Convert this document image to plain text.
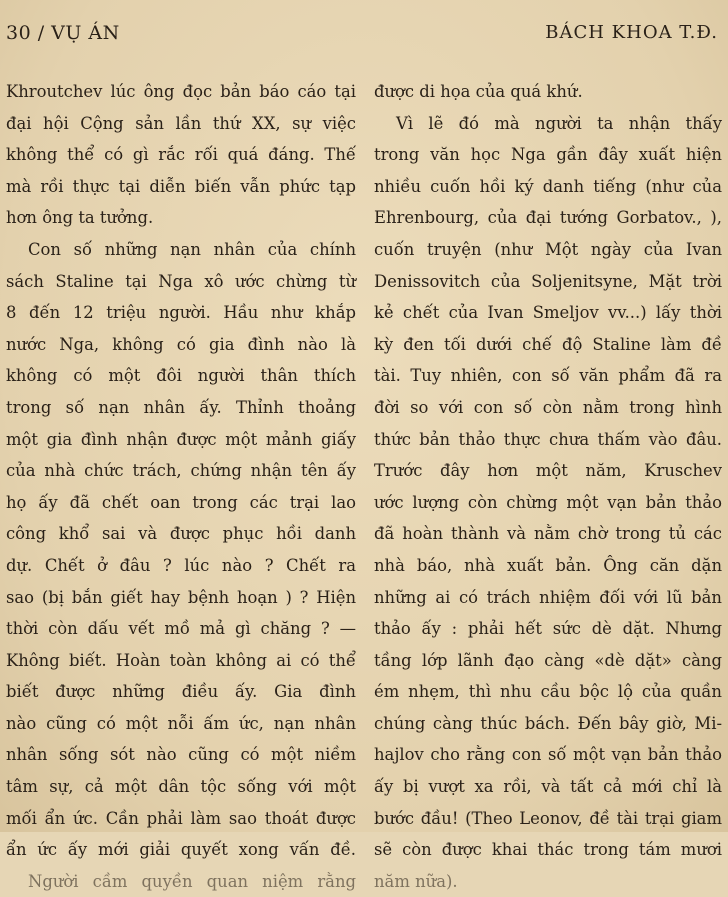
30 / VỤ ÁN	BÁCH KHOA T.Đ.
Khroutchev lúc ông đọc bản báo cáo tại
đại hội Cộng sản lần thứ XX, sự việc
không thể có gì rắc rối quá đáng. Thế
mà rồi thực tại diễn biến vẫn phức tạp
hơn ông ta tưởng.
Con số những nạn nhân của chính
sách Staline tại Nga xô ước chừng từ
8 đến 12 triệu người. Hầu như khắp
nước Nga, không có gia đình nào là
không có một đôi người thân thích
trong số nạn nhân ấy. Thỉnh thoảng
một gia đình nhận được một mảnh giấy
của nhà chức trách, chứng nhận tên ấy
họ ấy đã chết oan trong các trại lao
công khổ sai và được phục hồi danh
dự. Chết ở đâu ? lúc nào ? Chết ra
sao (bị bắn giết hay bệnh hoạn ) ? Hiện
thời còn dấu vết mồ mả gì chăng ? —
Không biết. Hoàn toàn không ai có thể
biết được những điều ấy. Gia đình
nào cũng có một nỗi ấm ức, nạn nhân
nhân sống sót nào cũng có một niềm
tâm sự, cả một dân tộc sống với một
mối ẩn ức. Cần phải làm sao thoát được
ẩn ức ấy mới giải quyết xong vấn đề.
Người cầm quyền quan niệm rằng
được di họa của quá khứ.
Vì lẽ đó mà người ta nhận thấy
trong văn học Nga gần đây xuất hiện
nhiều cuốn hồi ký danh tiếng (như của
Ehrenbourg, của đại tướng Gorbatov., ),
cuốn truyện (như Một ngày của Ivan
Denissovitch của Soljenitsyne, Mặt trời
kẻ chết của Ivan Smeljov vv...) lấy thời
kỳ đen tối dưới chế độ Staline làm đề
tài. Tuy nhiên, con số văn phẩm đã ra
đời so với con số còn nằm trong hình
thức bản thảo thực chưa thấm vào đâu.
Trước đây hơn một năm, Kruschev
ước lượng còn chừng một vạn bản thảo
đã hoàn thành và nằm chờ trong tủ các
nhà báo, nhà xuất bản. Ông căn dặn
những ai có trách nhiệm đối với lũ bản
thảo ấy : phải hết sức dè dặt. Nhưng
tầng lớp lãnh đạo càng «dè dặt» càng
ém nhẹm, thì nhu cầu bộc lộ của quần
chúng càng thúc bách. Đến bây giờ, Mi-
hajlov cho rằng con số một vạn bản thảo
ấy bị vượt xa rồi, và tất cả mới chỉ là
bước đầu! (Theo Leonov, đề tài trại giam
sẽ còn được khai thác trong tám mươi
năm nữa).
